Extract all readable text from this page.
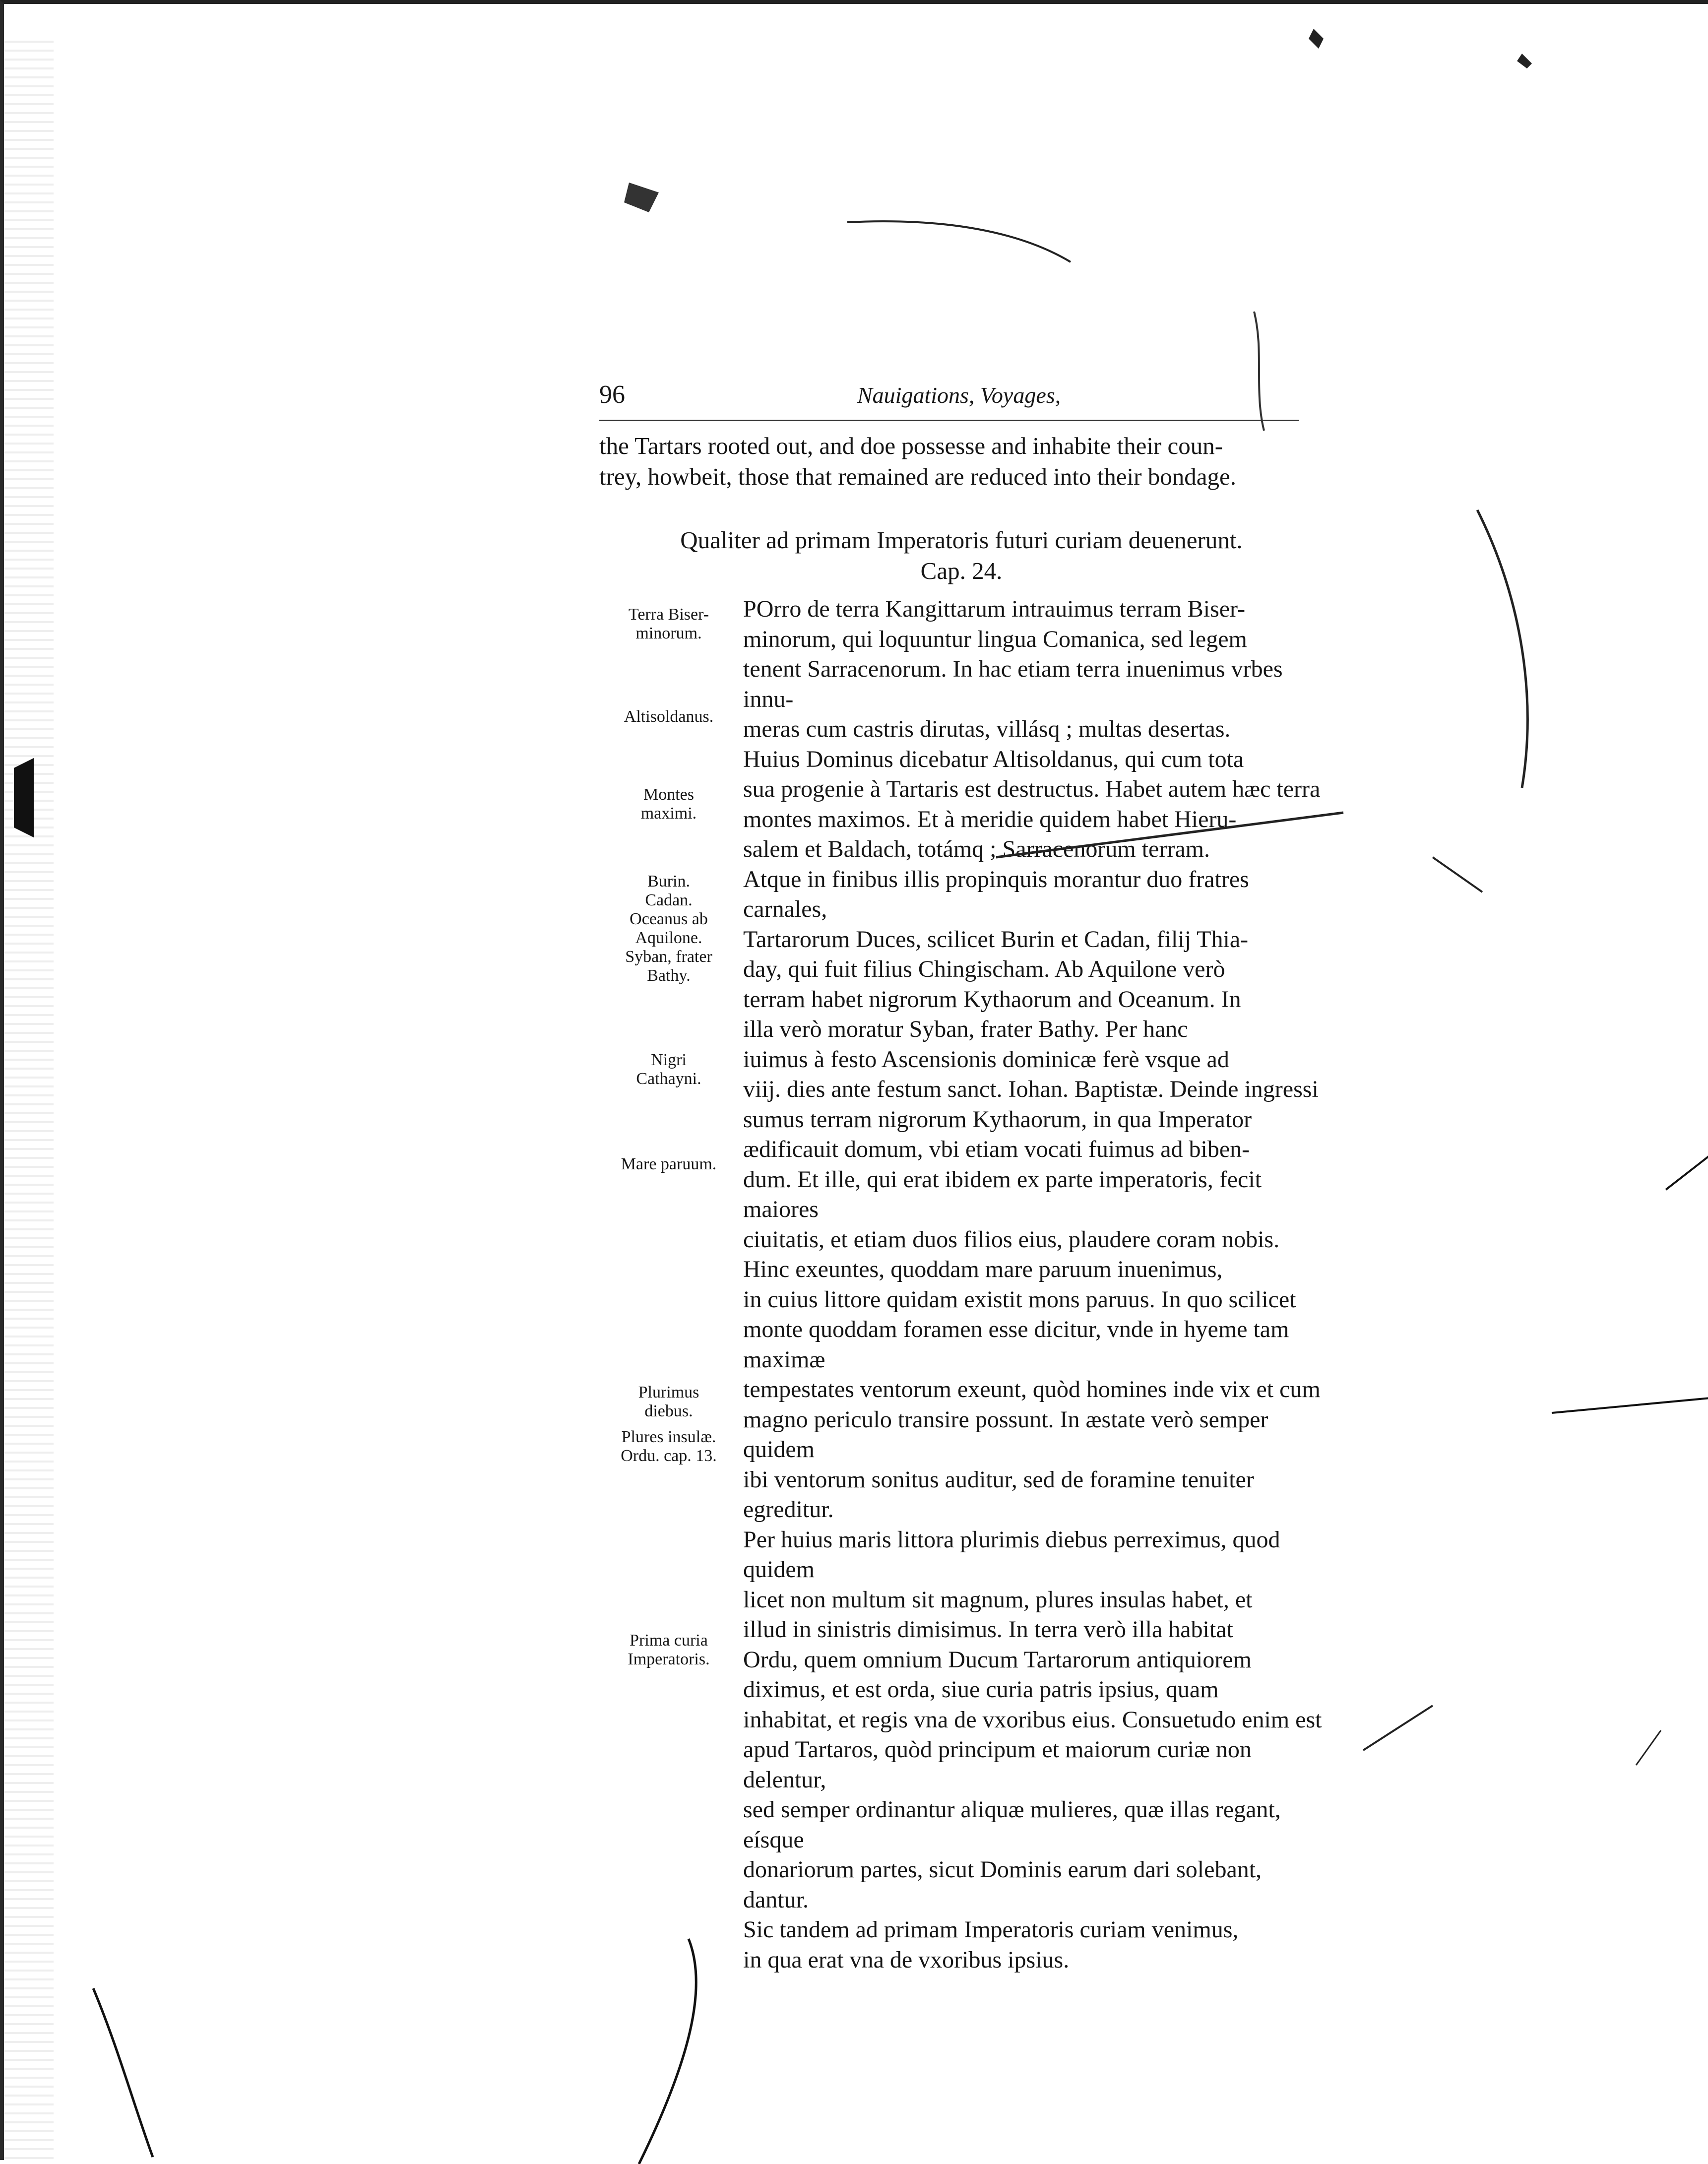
96	Nauigations, Voyages,
the Tartars rooted out, and doe possesse and inhabite their coun-
trey, howbeit, those that remained are reduced into their bondage.
Qualiter ad primam Imperatoris futuri curiam deuenerunt.
Cap. 24.
Terra Biser-
minorum.
Altisoldanus.
Montes
maximi.
Burin.
Cadan.
Oceanus ab
Aquilone.
Syban, frater
Bathy.
Nigri
Cathayni.
Mare paruum.
Plurimus
diebus.
Plures insulæ.
Ordu. cap. 13.
Prima curia
Imperatoris.
POrro de terra Kangittarum intrauimus terram Biser-
minorum, qui loquuntur lingua Comanica, sed legem
tenent Sarracenorum. In hac etiam terra inuenimus vrbes innu-
meras cum castris dirutas, villásq ; multas desertas.
Huius Dominus dicebatur Altisoldanus, qui cum tota
sua progenie à Tartaris est destructus. Habet autem hæc terra
montes maximos. Et à meridie quidem habet Hieru-
salem et Baldach, totámq ; Sarracenorum terram.
Atque in finibus illis propinquis morantur duo fratres carnales,
Tartarorum Duces, scilicet Burin et Cadan, filij Thia-
day, qui fuit filius Chingischam. Ab Aquilone verò
terram habet nigrorum Kythaorum and Oceanum. In
illa verò moratur Syban, frater Bathy. Per hanc
iuimus à festo Ascensionis dominicæ ferè vsque ad
viij. dies ante festum sanct. Iohan. Baptistæ. Deinde ingressi
sumus terram nigrorum Kythaorum, in qua Imperator
ædificauit domum, vbi etiam vocati fuimus ad biben-
dum. Et ille, qui erat ibidem ex parte imperatoris, fecit maiores
ciuitatis, et etiam duos filios eius, plaudere coram nobis.
Hinc exeuntes, quoddam mare paruum inuenimus,
in cuius littore quidam existit mons paruus. In quo scilicet
monte quoddam foramen esse dicitur, vnde in hyeme tam maximæ
tempestates ventorum exeunt, quòd homines inde vix et cum
magno periculo transire possunt. In æstate verò semper quidem
ibi ventorum sonitus auditur, sed de foramine tenuiter egreditur.
Per huius maris littora plurimis diebus perreximus, quod quidem
licet non multum sit magnum, plures insulas habet, et
illud in sinistris dimisimus. In terra verò illa habitat
Ordu, quem omnium Ducum Tartarorum antiquiorem
diximus, et est orda, siue curia patris ipsius, quam
inhabitat, et regis vna de vxoribus eius. Consuetudo enim est
apud Tartaros, quòd principum et maiorum curiæ non delentur,
sed semper ordinantur aliquæ mulieres, quæ illas regant, eísque
donariorum partes, sicut Dominis earum dari solebant, dantur.
Sic tandem ad primam Imperatoris curiam venimus,
in qua erat vna de vxoribus ipsius.
